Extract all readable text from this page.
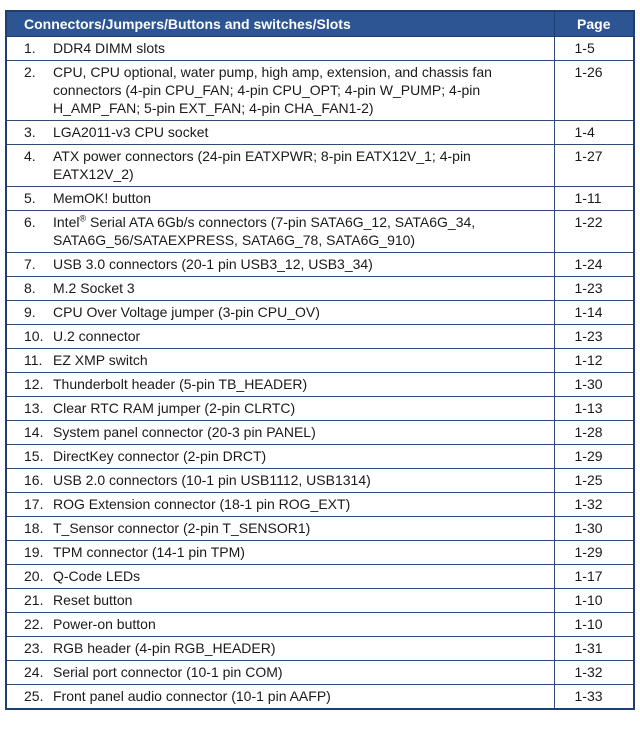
Connectors/Jumpers/Buttons and switches/Slots	Page

1. DDR4 DIMM slots	1-5

2. CPU, CPU optional, water pump, high amp, extension, and chassis fan connectors (4-pin CPU_FAN; 4-pin CPU_OPT; 4-pin W_PUMP; 4-pin H_AMP_FAN; 5-pin EXT_FAN; 4-pin CHA_FAN1-2)	1-26

3. LGA2011-v3 CPU socket	1-4

4. ATX power connectors (24-pin EATXPWR; 8-pin EATX12V_1; 4-pin EATX12V_2)	1-27

5. MemOK! button	1-11

6. Intel® Serial ATA 6Gb/s connectors (7-pin SATA6G_12, SATA6G_34, SATA6G_56/SATAEXPRESS, SATA6G_78, SATA6G_910)	1-22

7. USB 3.0 connectors (20-1 pin USB3_12, USB3_34)	1-24

8. M.2 Socket 3	1-23

9. CPU Over Voltage jumper (3-pin CPU_OV)	1-14

10. U.2 connector	1-23

11. EZ XMP switch	1-12

12. Thunderbolt header (5-pin TB_HEADER)	1-30

13. Clear RTC RAM jumper (2-pin CLRTC)	1-13

14. System panel connector (20-3 pin PANEL)	1-28

15. DirectKey connector (2-pin DRCT)	1-29

16. USB 2.0 connectors (10-1 pin USB1112, USB1314)	1-25

17. ROG Extension connector (18-1 pin ROG_EXT)	1-32

18. T_Sensor connector (2-pin T_SENSOR1)	1-30

19. TPM connector (14-1 pin TPM)	1-29

20. Q-Code LEDs	1-17

21. Reset button	1-10

22. Power-on button	1-10

23. RGB header (4-pin RGB_HEADER)	1-31

24. Serial port connector (10-1 pin COM)	1-32

25. Front panel audio connector (10-1 pin AAFP)	1-33
